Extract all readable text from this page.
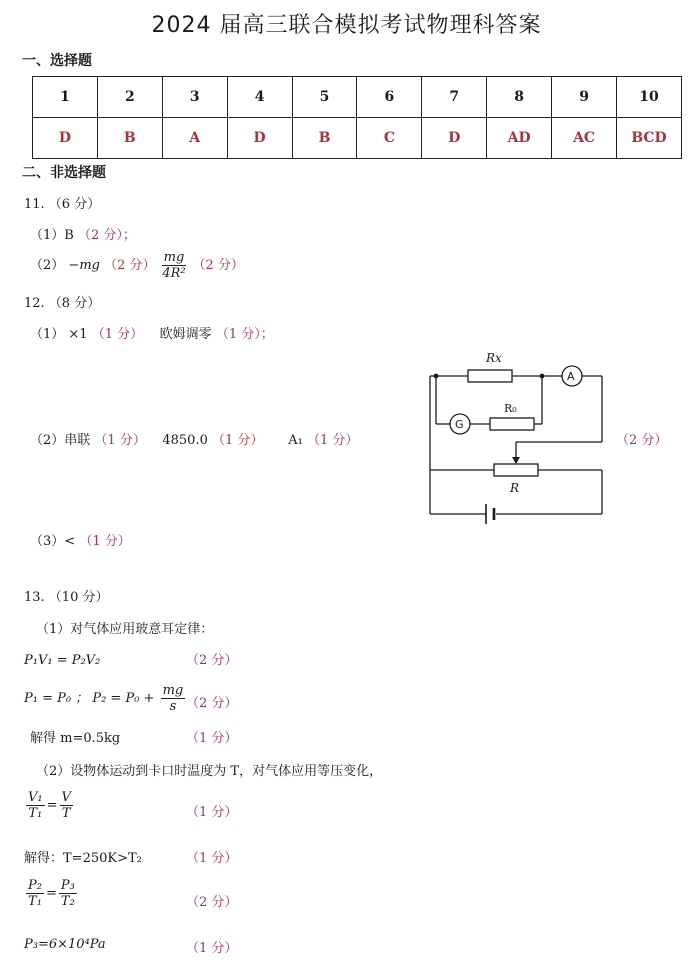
2024 届高三联合模拟考试物理科答案
一、选择题
1	2	3	4	5	6	7	8	9	10
D	B	A	D	B	C	D	AD	AC	BCD
二、非选择题
11. （6 分）
（1）B （2 分）；
（2） −mg （2 分） $\frac{mg}{\text{4R²}} (2$ 分）
12. （8 分）
（1） ×1 （1 分） 欧姆调零 （1 分）；
（2）串联 （1 分） 4850.0 （1 分） A₁ （1 分）	（2 分）
Rx
R₀
R
G
A
（3）< （1 分）
13. （10 分）
（1）对气体应用玻意耳定律：
P₁V₁ = P₂V₂	（2 分）
P₁ = P₀ ； $P_2 = P_0 + \frac{mg}{s} (2$ 分）
解得 m=0.5kg	（1 分）
（2）设物体运动到卡口时温度为 T，对气体应用等压变化，
$\frac{\text{V₁}}{\text{T₁}} = \frac{V}{T}$	（1 分）
解得：T=250K>T₂	（1 分）
$\frac{\text{P₂}}{\text{T₁}} = \frac{\text{P₃}}{\text{T₂}}$	（2 分）
P₃=6×10⁴Pa	（1 分）
